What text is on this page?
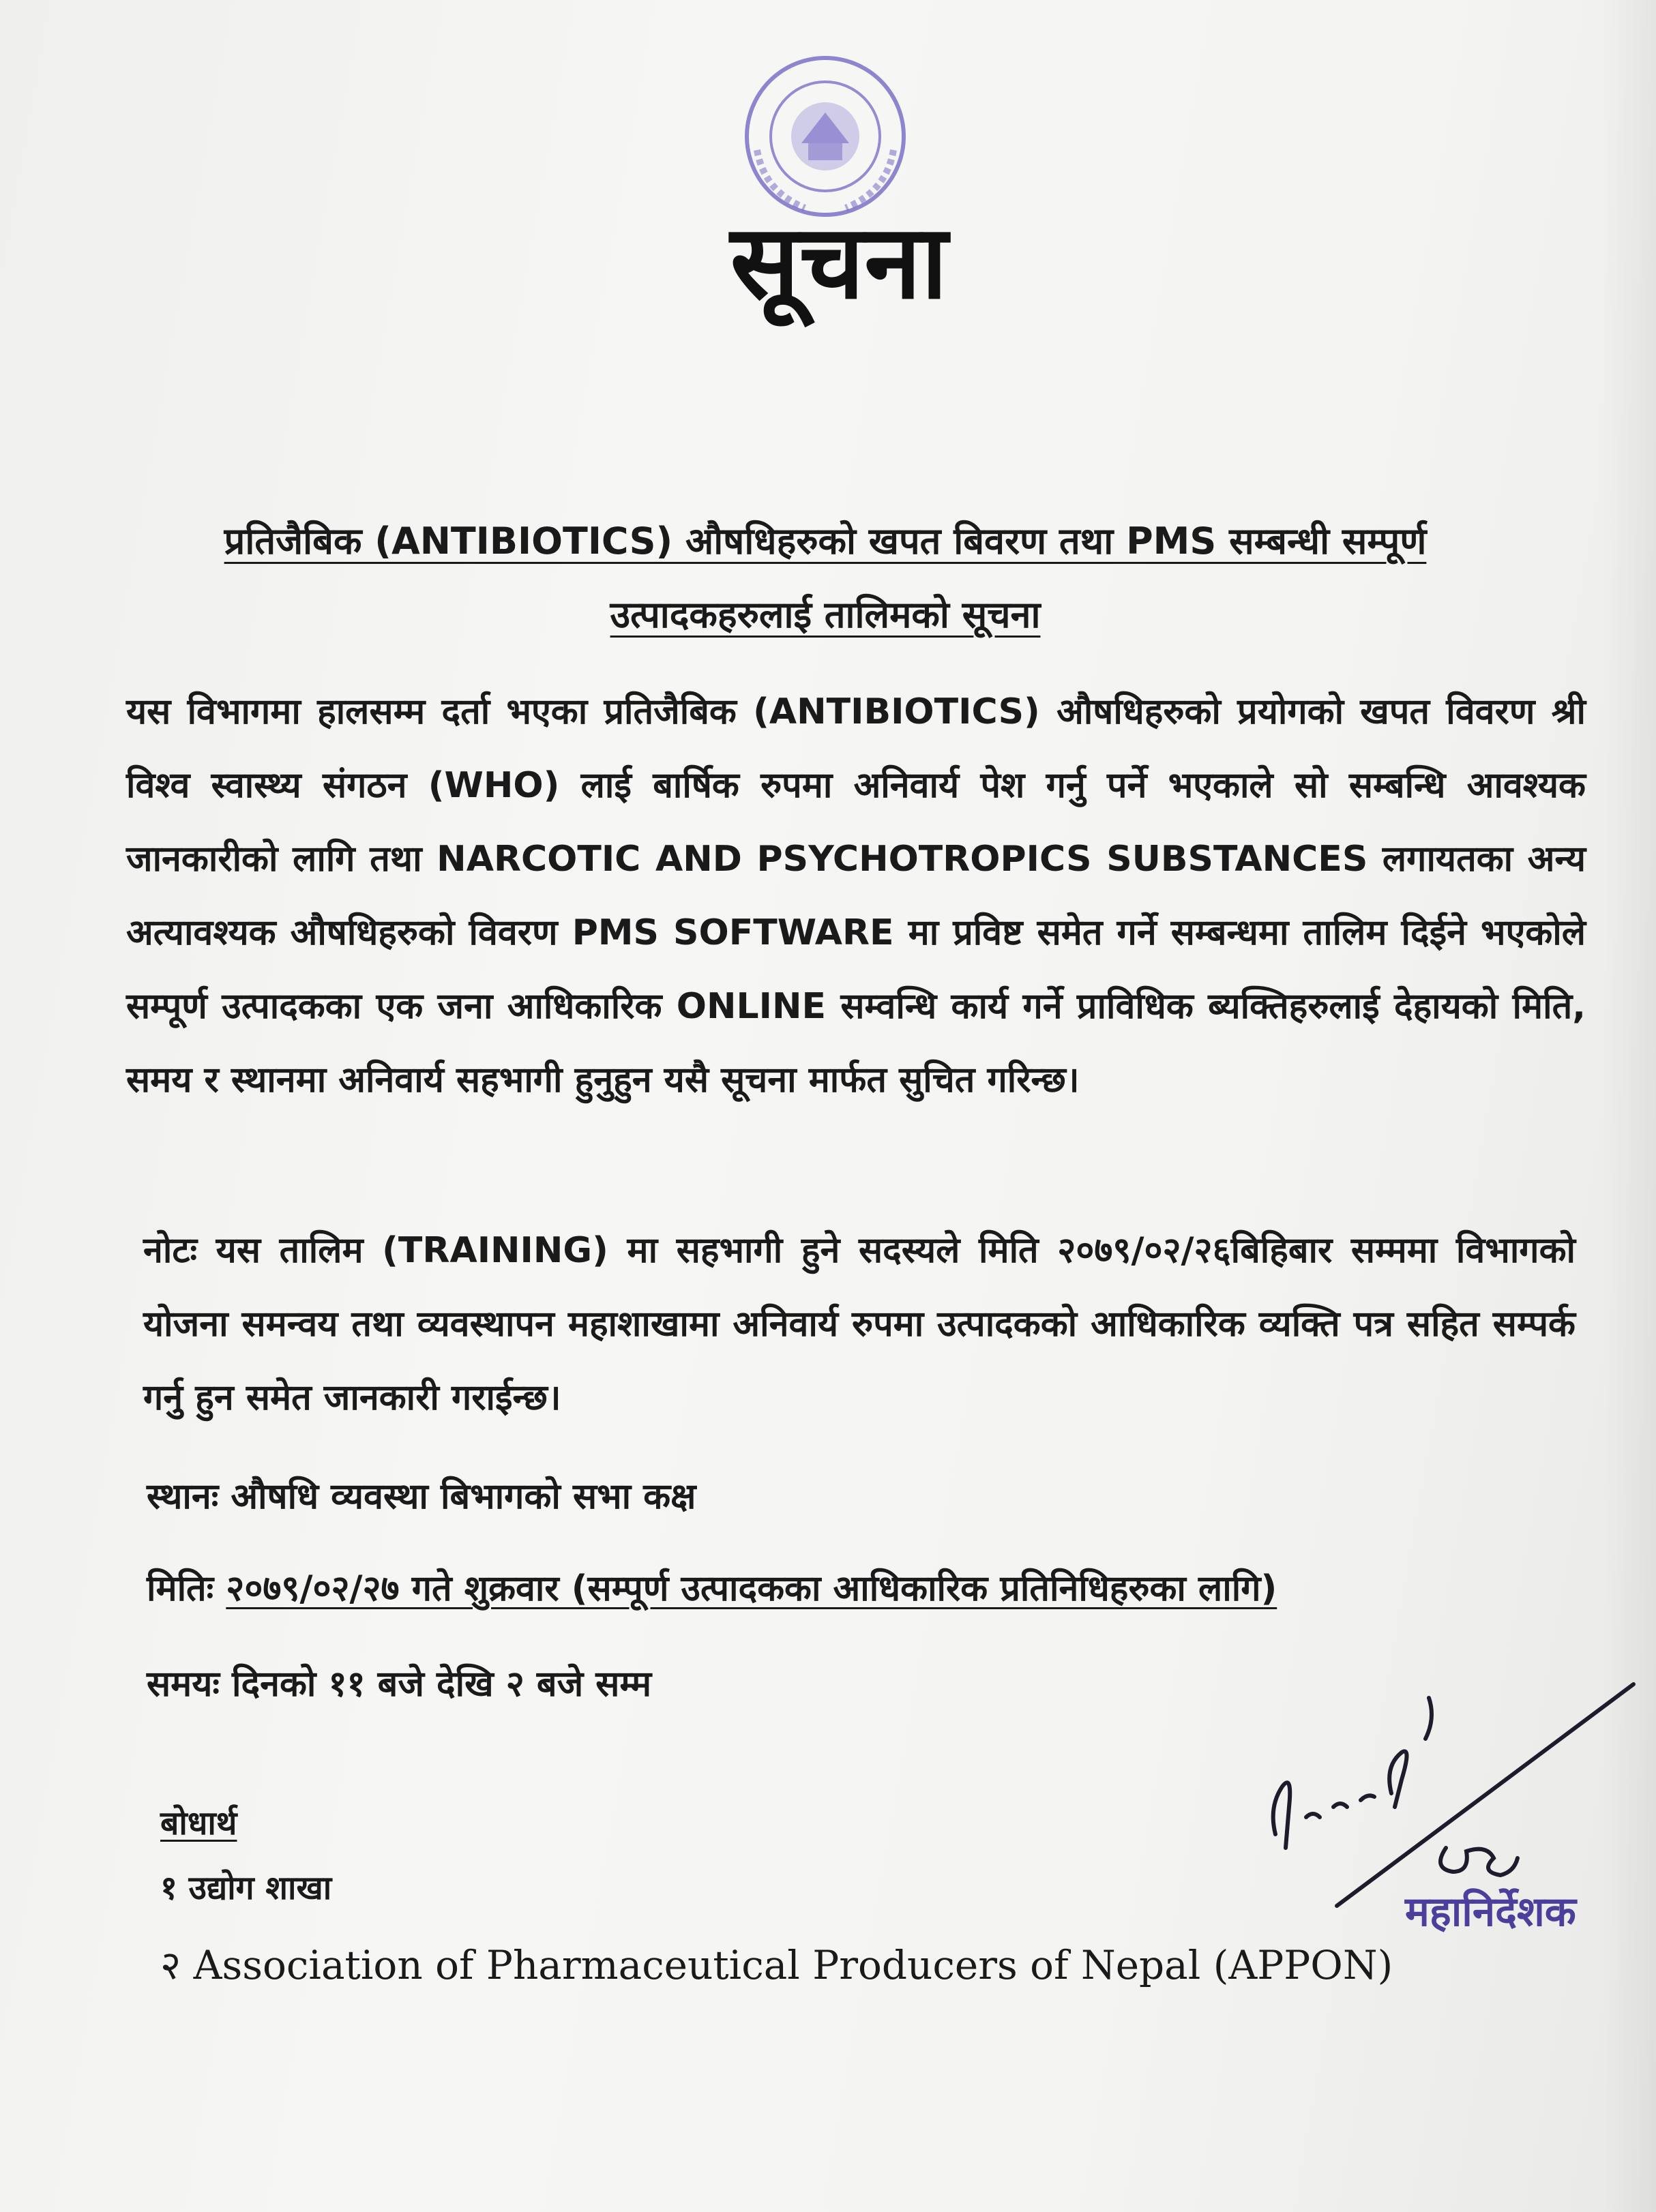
सूचना
प्रतिजैबिक (ANTIBIOTICS) औषधिहरुको खपत बिवरण तथा PMS सम्बन्धी सम्पूर्ण
उत्पादकहरुलाई तालिमको सूचना
यस विभागमा हालसम्म दर्ता भएका प्रतिजैबिक (ANTIBIOTICS) औषधिहरुको प्रयोगको खपत विवरण श्री विश्व स्वास्थ्य संगठन (WHO) लाई बार्षिक रुपमा अनिवार्य पेश गर्नु पर्ने भएकाले सो सम्बन्धि आवश्यक जानकारीको लागि तथा NARCOTIC AND PSYCHOTROPICS SUBSTANCES लगायतका अन्य अत्यावश्यक औषधिहरुको विवरण PMS SOFTWARE मा प्रविष्ट समेत गर्ने सम्बन्धमा तालिम दिईने भएकोले सम्पूर्ण उत्पादकका एक जना आधिकारिक ONLINE सम्वन्धि कार्य गर्ने प्राविधिक ब्यक्तिहरुलाई देहायको मिति, समय र स्थानमा अनिवार्य सहभागी हुनुहुन यसै सूचना मार्फत सुचित गरिन्छ।
नोटः यस तालिम (TRAINING) मा सहभागी हुने सदस्यले मिति २०७९/०२/२६बिहिबार सम्ममा विभागको योजना समन्वय तथा व्यवस्थापन महाशाखामा अनिवार्य रुपमा उत्पादकको आधिकारिक व्यक्ति पत्र सहित सम्पर्क गर्नु हुन समेत जानकारी गराईन्छ।
स्थानः औषधि व्यवस्था बिभागको सभा कक्ष
मितिः २०७९/०२/२७ गते शुक्रवार (सम्पूर्ण उत्पादकका आधिकारिक प्रतिनिधिहरुका लागि)
समयः दिनको ११ बजे देखि २ बजे सम्म
बोधार्थ
१ उद्योग शाखा
२ Association of Pharmaceutical Producers of Nepal (APPON)
महानिर्देशक
